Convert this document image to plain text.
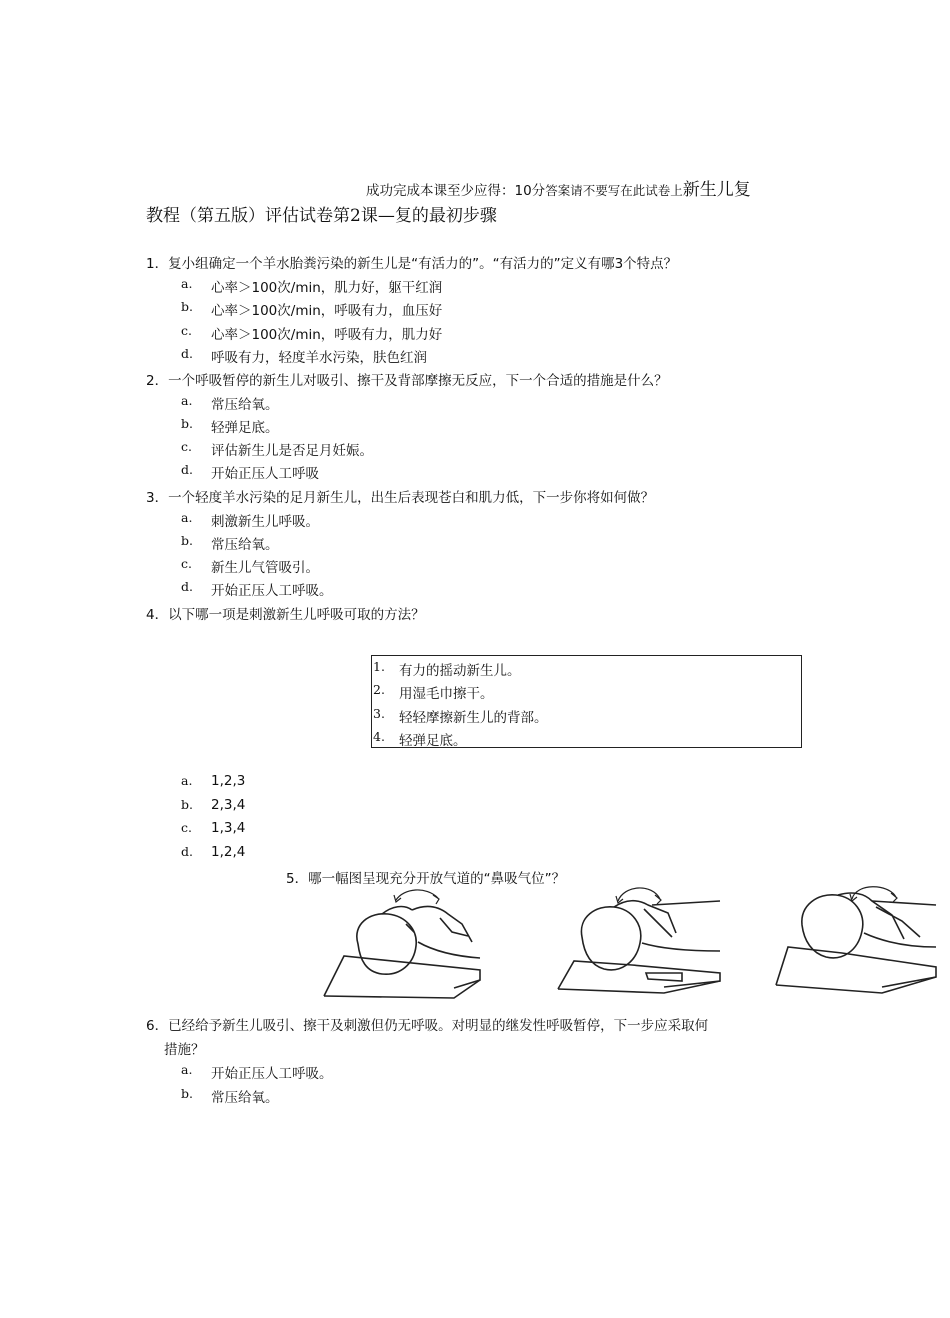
成功完成本课至少应得：10分答案请不要写在此试卷上新生儿复
教程（第五版）评估试卷第2课—复的最初步骤
1．复小组确定一个羊水胎粪污染的新生儿是“有活力的”。“有活力的”定义有哪3个特点？
a. 心率＞100次/min，肌力好，躯干红润
b. 心率＞100次/min，呼吸有力，血压好
c. 心率＞100次/min，呼吸有力，肌力好
d. 呼吸有力，轻度羊水污染，肤色红润
2．一个呼吸暂停的新生儿对吸引、擦干及背部摩擦无反应，下一个合适的措施是什么？
a. 常压给氧。
b. 轻弹足底。
c. 评估新生儿是否足月妊娠。
d. 开始正压人工呼吸
3．一个轻度羊水污染的足月新生儿，出生后表现苍白和肌力低，下一步你将如何做？
a. 刺激新生儿呼吸。
b. 常压给氧。
c. 新生儿气管吸引。
d. 开始正压人工呼吸。
4．以下哪一项是刺激新生儿呼吸可取的方法？
1. 有力的摇动新生儿。
2. 用湿毛巾擦干。
3. 轻轻摩擦新生儿的背部。
4. 轻弹足底。
a. 1,2,3
b. 2,3,4
c. 1,3,4
d. 1,2,4
5．哪一幅图呈现充分开放气道的“鼻吸气位”？
6．已经给予新生儿吸引、擦干及刺激但仍无呼吸。对明显的继发性呼吸暂停，下一步应采取何
措施？
a. 开始正压人工呼吸。
b. 常压给氧。
